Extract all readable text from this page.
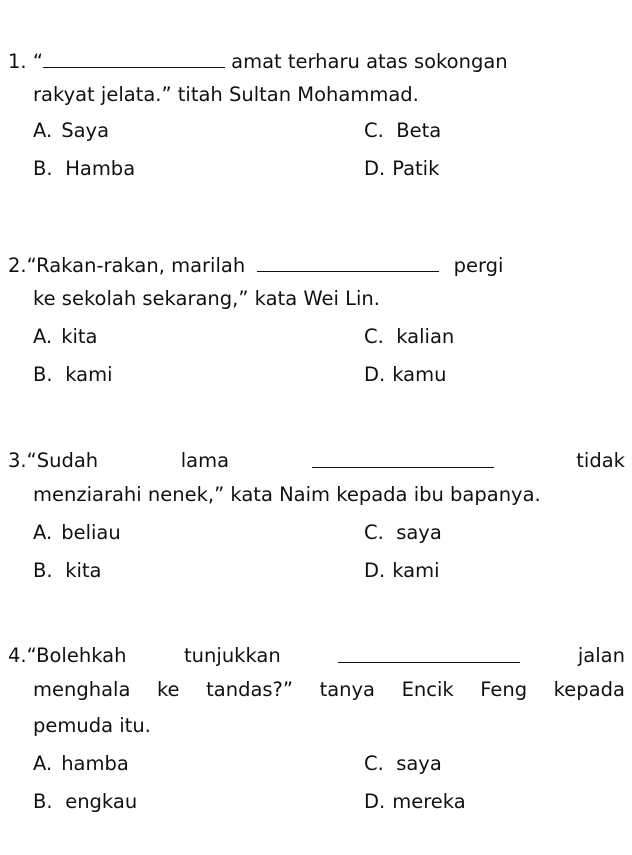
1. “	amat terharu atas sokongan
rakyat jelata.” titah Sultan Mohammad.
A. Saya	C. Beta
B. Hamba	D. Patik
2.“Rakan-rakan, marilah	pergi
ke sekolah sekarang,” kata Wei Lin.
A. kita	C. kalian
B. kami	D. kamu
3.“Sudah	lama	tidak
menziarahi nenek,” kata Naim kepada ibu bapanya.
A. beliau	C. saya
B. kita	D. kami
4.“Bolehkah	tunjukkan	jalan
menghala ke tandas?” tanya Encik Feng kepada
pemuda itu.
A. hamba	C. saya
B. engkau	D. mereka
